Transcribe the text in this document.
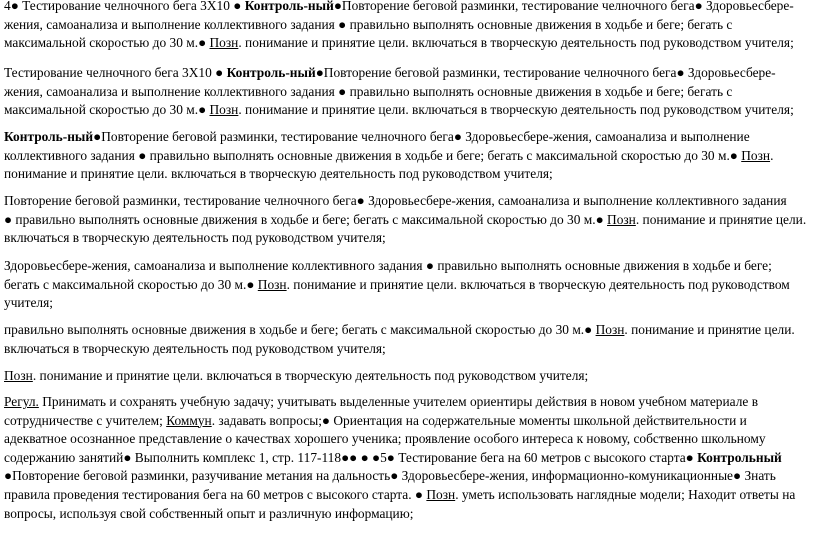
4● Тестирование челночного бега 3Х10 ● Контроль-ный●Повторение беговой разминки, тестирование челночного бега● Здоровьесбере-
жения, самоанализа и выполнение коллективного задания ● правильно выполнять основные движения в ходьбе и беге; бегать с
максимальной скоростью до 30 м.● Позн. понимание и принятие цели. включаться в творческую деятельность под руководством учителя;
Тестирование челночного бега 3Х10 ● Контроль-ный●Повторение беговой разминки, тестирование челночного бега● Здоровьесбере-
жения, самоанализа и выполнение коллективного задания ● правильно выполнять основные движения в ходьбе и беге; бегать с
максимальной скоростью до 30 м.● Позн. понимание и принятие цели. включаться в творческую деятельность под руководством учителя;
Контроль-ный●Повторение беговой разминки, тестирование челночного бега● Здоровьесбере-жения, самоанализа и выполнение
коллективного задания ● правильно выполнять основные движения в ходьбе и беге; бегать с максимальной скоростью до 30 м.● Позн.
понимание и принятие цели. включаться в творческую деятельность под руководством учителя;
Повторение беговой разминки, тестирование челночного бега● Здоровьесбере-жения, самоанализа и выполнение коллективного задания
● правильно выполнять основные движения в ходьбе и беге; бегать с максимальной скоростью до 30 м.● Позн. понимание и принятие цели.
включаться в творческую деятельность под руководством учителя;
Здоровьесбере-жения, самоанализа и выполнение коллективного задания ● правильно выполнять основные движения в ходьбе и беге;
бегать с максимальной скоростью до 30 м.● Позн. понимание и принятие цели. включаться в творческую деятельность под руководством
учителя;
правильно выполнять основные движения в ходьбе и беге; бегать с максимальной скоростью до 30 м.● Позн. понимание и принятие цели.
включаться в творческую деятельность под руководством учителя;
Позн. понимание и принятие цели. включаться в творческую деятельность под руководством учителя;
Регул. Принимать и сохранять учебную задачу; учитывать выделенные учителем ориентиры действия в новом учебном материале в
сотрудничестве с учителем; Коммун. задавать вопросы;● Ориентация на содержательные моменты школьной действительности и
адекватное осознанное представление о качествах хорошего ученика; проявление особого интереса к новому, собственно школьному
содержанию занятий● Выполнить комплекс 1, стр. 117-118●● ● ●5● Тестирование бега на 60 метров с высокого старта● Контрольный
●Повторение беговой разминки, разучивание метания на дальность● Здоровьесбере-жения, информационно-комуникационные● Знать
правила проведения тестирования бега на 60 метров с высокого старта. ● Позн. уметь использовать наглядные модели; Находит ответы на
вопросы, используя свой собственный опыт и различную информацию;
